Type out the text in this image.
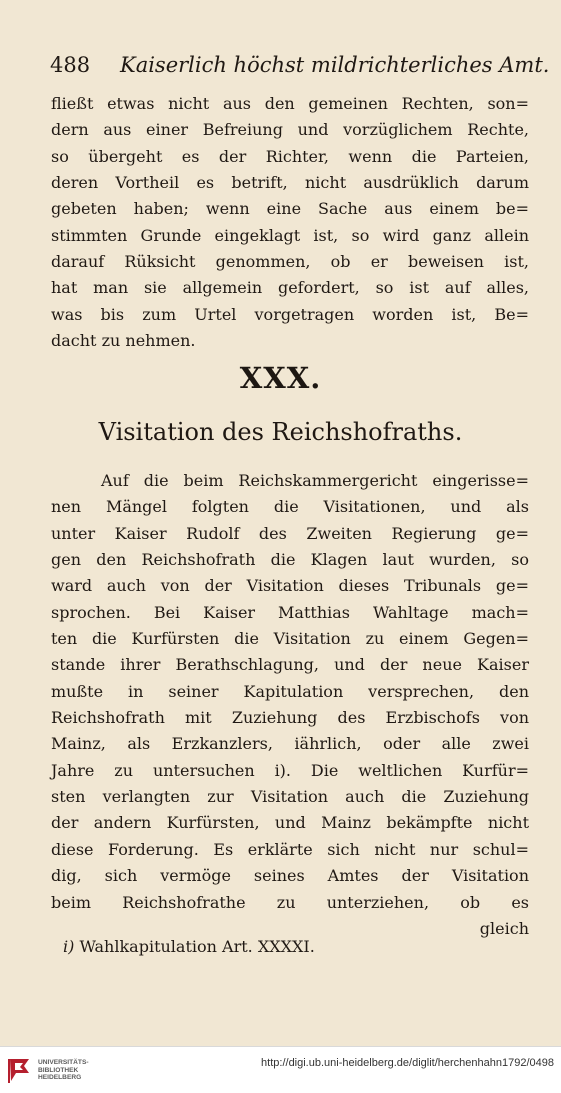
488 Kaiserlich höchst mildrichterliches Amt.
fließt etwas nicht aus den gemeinen Rechten, son=
dern aus einer Befreiung und vorzüglichem Rechte,
so übergeht es der Richter, wenn die Parteien,
deren Vortheil es betrift, nicht ausdrüklich darum
gebeten haben; wenn eine Sache aus einem be=
stimmten Grunde eingeklagt ist, so wird ganz allein
darauf Rüksicht genommen, ob er beweisen ist,
hat man sie allgemein gefordert, so ist auf alles,
was bis zum Urtel vorgetragen worden ist, Be=
dacht zu nehmen.
XXX.
Visitation des Reichshofraths.
Auf die beim Reichskammergericht eingerisse=
nen Mängel folgten die Visitationen, und als
unter Kaiser Rudolf des Zweiten Regierung ge=
gen den Reichshofrath die Klagen laut wurden, so
ward auch von der Visitation dieses Tribunals ge=
sprochen. Bei Kaiser Matthias Wahltage mach=
ten die Kurfürsten die Visitation zu einem Gegen=
stande ihrer Berathschlagung, und der neue Kaiser
mußte in seiner Kapitulation versprechen, den
Reichshofrath mit Zuziehung des Erzbischofs von
Mainz, als Erzkanzlers, iährlich, oder alle zwei
Jahre zu untersuchen i). Die weltlichen Kurfür=
sten verlangten zur Visitation auch die Zuziehung
der andern Kurfürsten, und Mainz bekämpfte nicht
diese Forderung. Es erklärte sich nicht nur schul=
dig, sich vermöge seines Amtes der Visitation
beim Reichshofrathe zu unterziehen, ob es
gleich
i) Wahlkapitulation Art. XXXXI.
UNIVERSITÄTS-
BIBLIOTHEK
HEIDELBERG
http://digi.ub.uni-heidelberg.de/diglit/herchenhahn1792/0498
